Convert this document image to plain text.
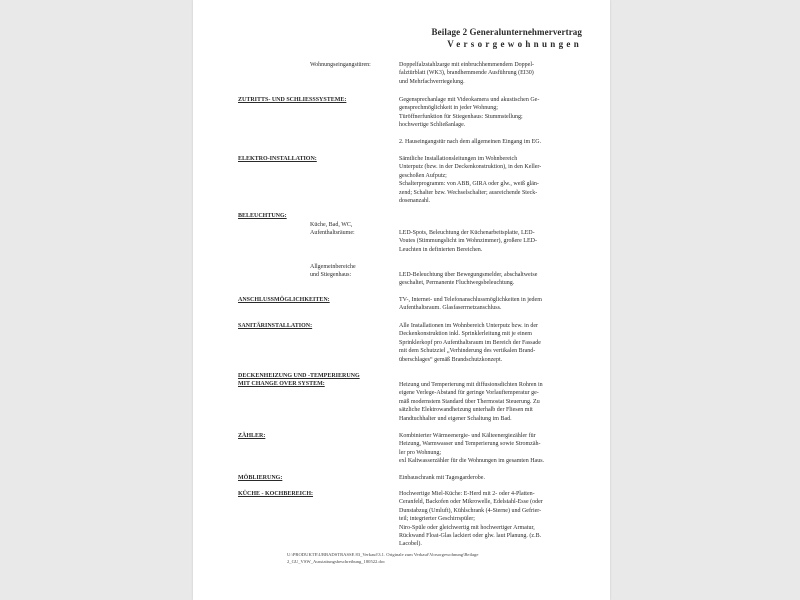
Beilage 2 Generalunternehmervertrag
Versorgewohnungen
Wohnungseingangstüren:	Doppelfalzstahlzarge mit einbruchhemmendem Doppel-
falztürblatt (WK3), brandhemmende Ausführung (EI30)
und Mehrfachverriegelung.
ZUTRITTS- UND SCHLIESSSYSTEME:	Gegensprechanlage mit Videokamera und akustischen Ge-
gensprechmöglichkeit in jeder Wohnung;
Türöffnerfunktion für Stiegenhaus: Stummstellung;
hochwertige Schließanlage.
2. Hauseingangstür nach dem allgemeinen Eingang im EG.
ELEKTRO-INSTALLATION:	Sämtliche Installationsleitungen im Wohnbereich
Unterputz (bzw. in der Deckenkonstruktion), in den Keller-
geschoßen Aufputz;
Schalterprogramm: von ABB, GIRA oder glw., weiß glän-
zend; Schalter bzw. Wechselschalter; ausreichende Steck-
dosenanzahl.
BELEUCHTUNG:
Küche, Bad, WC,
Aufenthaltsräume:	LED-Spots, Beleuchtung der Küchenarbeitsplatte, LED-
Voutes (Stimmungslicht im Wohnzimmer), großere LED-
Leuchten in definierten Bereichen.
Allgemeinbereiche
und Stiegenhaus:	LED-Beleuchtung über Bewegungsmelder, abschaltweise
geschaltet, Permanente Fluchtwegsbeleuchtung.
ANSCHLUSSMÖGLICHKEITEN:	TV-, Internet- und Telefonanschlussmöglichkeiten in jedem
Aufenthaltsraum. Glasfaserrnetzanschluss.
SANITÄRINSTALLATION:	Alle Installationen im Wohnbereich Unterputz bzw. in der
Deckenkonstruktion inkl. Sprinklerleitung mit je einem
Sprinklerkopf pro Aufenthaltsraum im Bereich der Fassade
mit dem Schutzziel „Verhinderung des vertikalen Brand-
überschlages“ gemäß Brandschutzkonzept.
DECKENHEIZUNG UND -TEMPERIERUNG
MIT CHANGE OVER SYSTEM:	Heizung und Temperierung mit diffusionsdichten Rohren in
eigene Verlege-Abstand für geringe Vorlauftemperatur ge-
mäß modernstem Standard über Thermostat Steuerung. Zu
sätzliche Elektrowandheizung unterhalb der Fliesen mit
Handtuchhalter und eigener Schaltung im Bad.
ZÄHLER:	Kombinierter Wärmeenergie- und Kälteenergiezähler für
Heizung, Warmwasser und Temperierung sowie Stromzäh-
ler pro Wohnung;
exl Kaltwasserzähler für die Wohnungen im gesamten Haus.
MÖBLIERUNG:	Einbauschrank mit Tagesgarderobe.
KÜCHE - KOCHBEREICH:	Hochwertige Miel-Küche: E-Herd mit 2- oder 4-Platten-
Ceranfeld, Backofen oder Mikrowelle, Edelstahl-Esse (oder
Dunstabzug (Umluft), Kühlschrank (4-Sterne) und Gefrier-
teil; integrierter Geschirrspüler;
Niro-Spüle oder gleichwertig mit hochwertiger Armatur,
Rückwand Float-Glas lackiert oder glw. laut Planung. (z.B.
Lacobel).
U:\PRODUKTE\URBADSTRASSE 83_Verkauf\3.1. Originale zum Verkauf\Vorsorgewohnung\Beilage
2_GU_VSW_Ausstattungsbeschreibung_180522.doc
